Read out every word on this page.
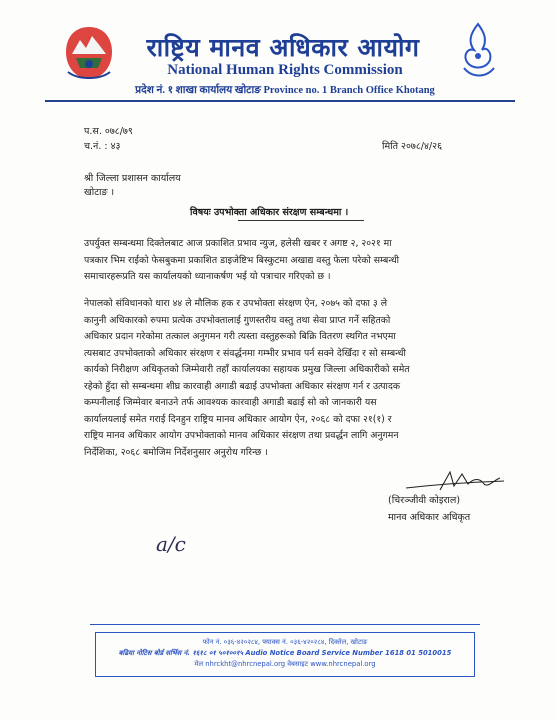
राष्ट्रिय मानव अधिकार आयोग
National Human Rights Commission
प्रदेश नं. १ शाखा कार्यालय खोटाङ Province no. 1 Branch Office Khotang
प.स. ०७८/७९
च.नं. : ४३	मिति २०७८/४/२६
श्री जिल्ला प्रशासन कार्यालय
खोटाङ ।
विषयः उपभोक्ता अधिकार संरक्षण सम्बन्धमा ।
उपर्युक्त सम्बन्धमा दिक्तेलबाट आज प्रकाशित प्रभाव न्युज, हलेसी खबर र अगष्ट २, २०२१ मा
पत्रकार भिम राईको फेसबुकमा प्रकाशित डाइजेष्टिभ बिस्कुटमा अखाद्य वस्तु फेला परेको सम्बन्धी
समाचारहरूप्रति यस कार्यालयको ध्यानाकर्षण भई यो पत्राचार गरिएको छ ।
नेपालको संविधानको धारा ४४ ले मौलिक हक र उपभोक्ता संरक्षण ऐन, २०७५ को दफा ३ ले
कानुनी अधिकारको रुपमा प्रत्येक उपभोक्तालाई गुणस्तरीय वस्तु तथा सेवा प्राप्त गर्ने सहितको
अधिकार प्रदान गरेकोमा तत्काल अनुगमन गरी त्यस्ता वस्तुहरूको बिक्रि वितरण स्थगित नभएमा
त्यसबाट उपभोक्ताको अधिकार संरक्षण र संवर्द्धनमा गम्भीर प्रभाव पर्न सक्ने देखिँदा र सो सम्बन्धी
कार्यको निरीक्षण अधिकृतको जिम्मेवारी तहाँ कार्यालयका सहायक प्रमुख जिल्ला अधिकारीको समेत
रहेको हुँदा सो सम्बन्धमा शीघ्र कारवाही अगाडी बढाई उपभोक्ता अधिकार संरक्षण गर्न र उत्पादक
कम्पनीलाई जिम्मेवार बनाउने तर्फ आवश्यक कारवाही अगाडी बढाई सो को जानकारी यस
कार्यालयलाई समेत गराई दिनहुन राष्ट्रिय मानव अधिकार आयोग ऐन, २०६८ को दफा २१(१) र
राष्ट्रिय मानव अधिकार आयोग उपभोक्ताको मानव अधिकार संरक्षण तथा प्रवर्द्धन लागि अनुगमन
निर्देशिका, २०६८ बमोजिम निर्देशनुसार अनुरोध गरिन्छ ।
(चिरञ्जीवी कोइराल)
मानव अधिकार अधिकृत
a/c
फोन नं. ०३६-४२०२८४, फ्याक्स नं. ०३६-४२०२८४, दिक्तेल, खोटाङ
बढिया नोटिस बोर्ड सर्भिस नं. १६१८ ०१ ५०१००१५ Audio Notice Board Service Number 1618 01 5010015
मेल nhrckht@nhrcnepal.org वेबसाइट www.nhrcnepal.org
